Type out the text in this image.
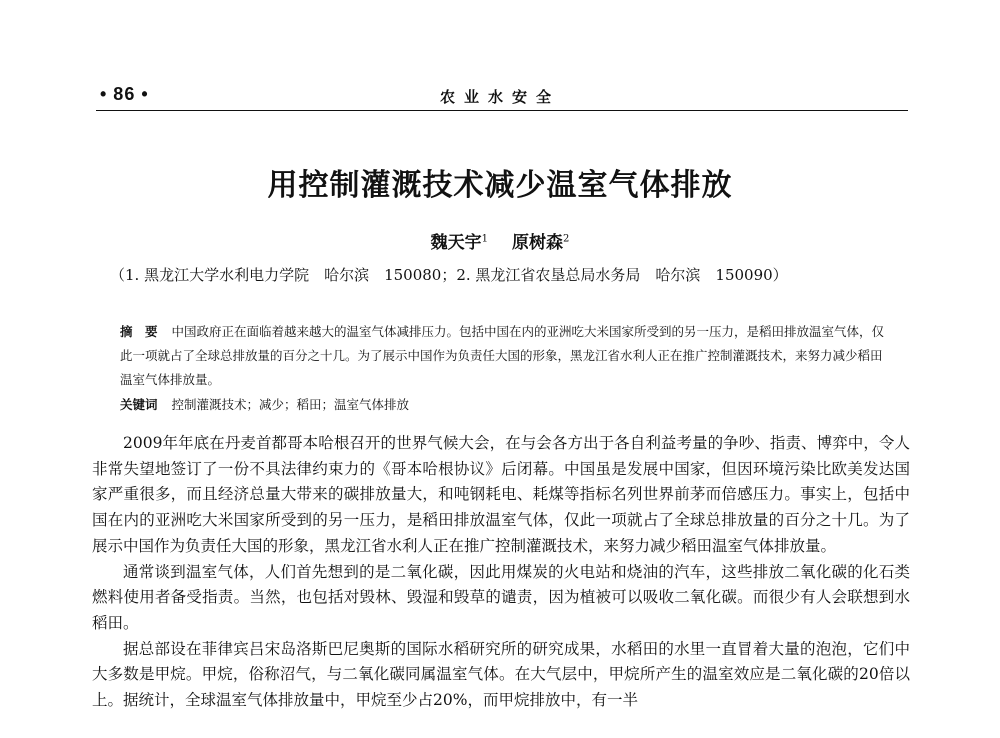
• 86 •	农业水安全
用控制灌溉技术减少温室气体排放
魏天宇$^1$ 原树森$^2$
（1. 黑龙江大学水利电力学院　哈尔滨　150080；2. 黑龙江省农垦总局水务局　哈尔滨　150090）
摘　要 中国政府正在面临着越来越大的温室气体减排压力。包括中国在内的亚洲吃大米国家所受到的另一压力，是稻田排放温室气体，仅此一项就占了全球总排放量的百分之十几。为了展示中国作为负责任大国的形象，黑龙江省水利人正在推广控制灌溉技术，来努力减少稻田温室气体排放量。
关键词 控制灌溉技术；减少；稻田；温室气体排放

2009年年底在丹麦首都哥本哈根召开的世界气候大会，在与会各方出于各自利益考量的争吵、指责、博弈中，令人非常失望地签订了一份不具法律约束力的《哥本哈根协议》后闭幕。中国虽是发展中国家，但因环境污染比欧美发达国家严重很多，而且经济总量大带来的碳排放量大，和吨钢耗电、耗煤等指标名列世界前茅而倍感压力。事实上，包括中国在内的亚洲吃大米国家所受到的另一压力，是稻田排放温室气体，仅此一项就占了全球总排放量的百分之十几。为了展示中国作为负责任大国的形象，黑龙江省水利人正在推广控制灌溉技术，来努力减少稻田温室气体排放量。

通常谈到温室气体，人们首先想到的是二氧化碳，因此用煤炭的火电站和烧油的汽车，这些排放二氧化碳的化石类燃料使用者备受指责。当然，也包括对毁林、毁湿和毁草的谴责，因为植被可以吸收二氧化碳。而很少有人会联想到水稻田。

据总部设在菲律宾吕宋岛洛斯巴尼奥斯的国际水稻研究所的研究成果，水稻田的水里一直冒着大量的泡泡，它们中大多数是甲烷。甲烷，俗称沼气，与二氧化碳同属温室气体。在大气层中，甲烷所产生的温室效应是二氧化碳的20倍以上。据统计，全球温室气体排放量中，甲烷至少占20%，而甲烷排放中，有一半
